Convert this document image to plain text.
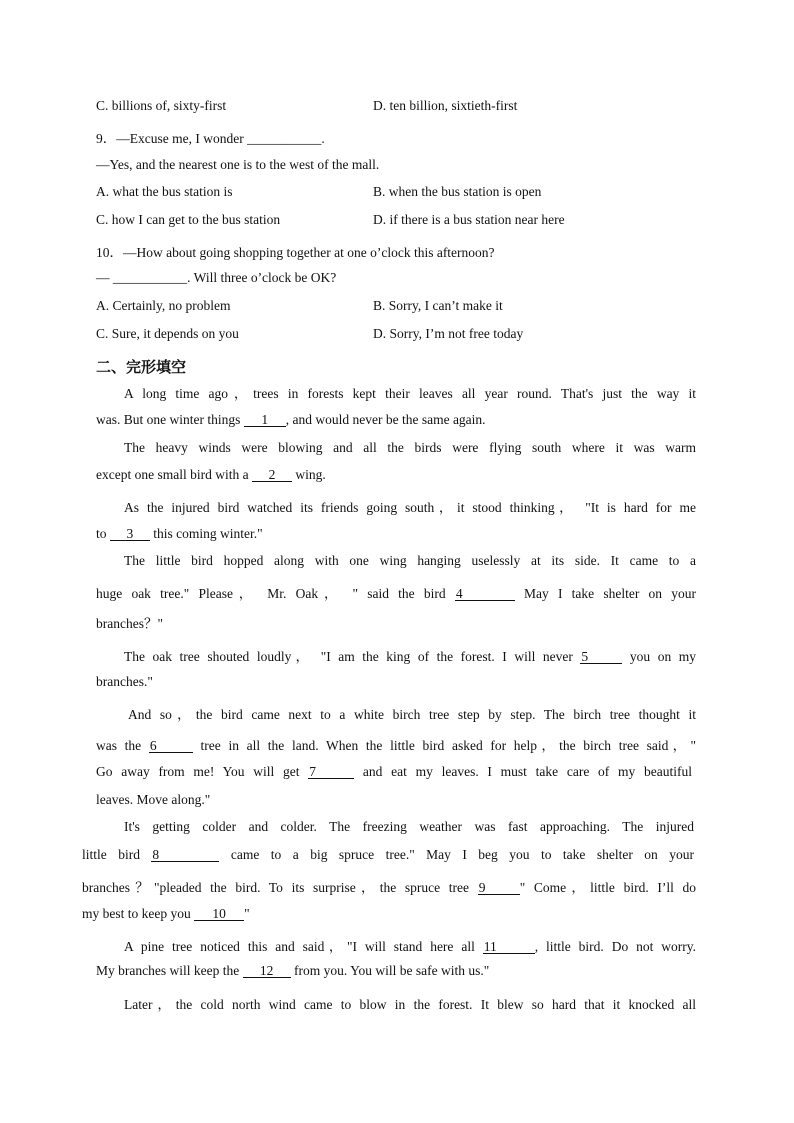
C. billions of, sixty-first	D. ten billion, sixtieth-first
9．—Excuse me, I wonder ___________.
—Yes, and the nearest one is to the west of the mall.
A. what the bus station is	B. when the bus station is open
C. how I can get to the bus station	D. if there is a bus station near here
10．—How about going shopping together at one o’clock this afternoon?
— ___________. Will three o’clock be OK?
A. Certainly, no problem	B. Sorry, I can’t make it
C. Sure, it depends on you	D. Sorry, I’m not free today
二、完形填空
A long time ago，trees in forests kept their leaves all year round. That's just the way it
was. But one winter things 1 , and would never be the same again.
The heavy winds were blowing and all the birds were flying south where it was warm
except one small bird with a 2 wing.
As the injured bird watched its friends going south，it stood thinking， "It is hard for me
to 3 this coming winter."
The little bird hopped along with one wing hanging uselessly at its side. It came to a
huge oak tree." Please， Mr. Oak， " said the bird 4	May I take shelter on your
branches？"
The oak tree shouted loudly， "I am the king of the forest. I will never 5	you on my
branches."
And so，the bird came next to a white birch tree step by step. The birch tree thought it
was the 6	tree in all the land. When the little bird asked for help，the birch tree said，"
Go away from me! You will get 7	and eat my leaves. I must take care of my beautiful
leaves. Move along."
It's getting colder and colder. The freezing weather was fast approaching. The injured
little bird 8	came to a big spruce tree." May I beg you to take shelter on your
branches？"pleaded the bird. To its surprise，the spruce tree 9	" Come，little bird. I’ll do
my best to keep you 10 "
A pine tree noticed this and said，"I will stand here all 11	, little bird. Do not worry.
My branches will keep the 12 from you. You will be safe with us."
Later，the cold north wind came to blow in the forest. It blew so hard that it knocked all
